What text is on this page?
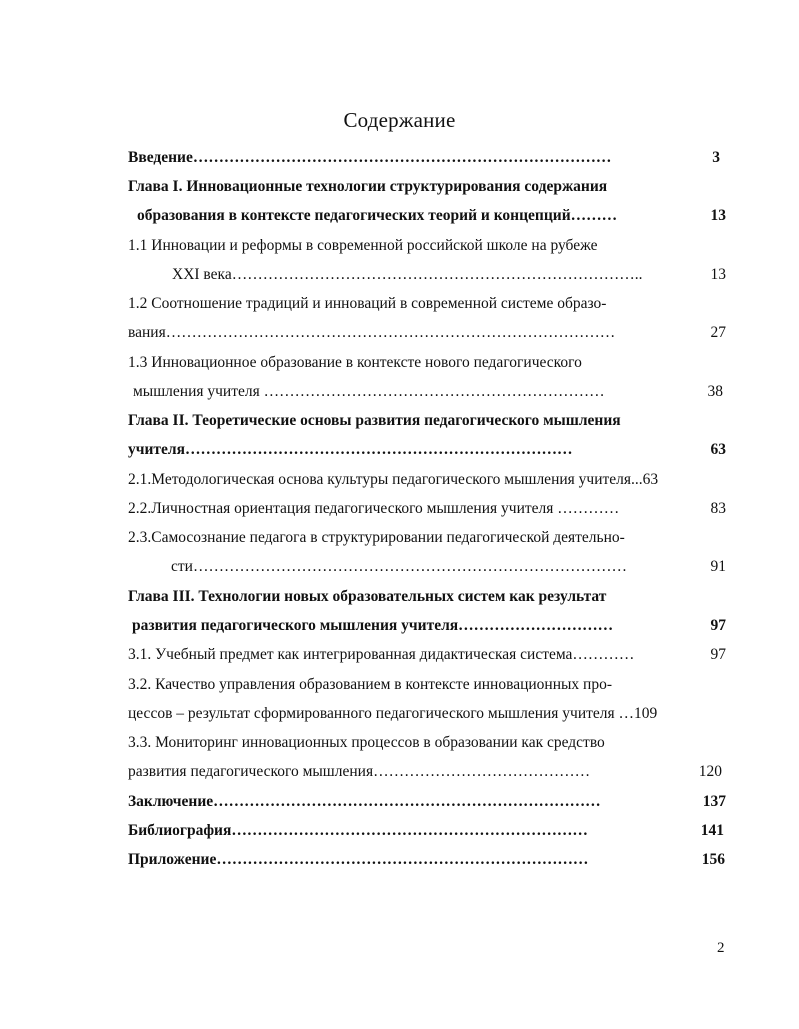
Содержание
Введение………………………………………………………………………	3
Глава I. Инновационные технологии структурирования содержания
образования в контексте педагогических теорий и концепций………	13
1.1 Инновации и реформы в современной российской школе на рубеже
XXI века……………………………………………………………………..	13
1.2 Соотношение традиций и инноваций в современной системе образо-
вания……………………………………………………………………………	27
1.3 Инновационное образование в контексте нового педагогического
мышления учителя …………………………………………………………	38
Глава II. Теоретические основы развития педагогического мышления
учителя…………………………………………………………………	63
2.1.Методологическая основа культуры педагогического мышления учителя...63
2.2.Личностная ориентация педагогического мышления учителя …………	83
2.3.Самосознание педагога в структурировании педагогической деятельно-
сти…………………………………………………………………………	91
Глава III. Технологии новых образовательных систем как результат
развития педагогического мышления учителя…………………………	97
3.1. Учебный предмет как интегрированная дидактическая система…………	97
3.2. Качество управления образованием в контексте инновационных про-
цессов – результат сформированного педагогического мышления учителя …109
3.3. Мониторинг инновационных процессов в образовании как средство
развития педагогического мышления……………………………………	120
Заключение…………………………………………………………………	137
Библиография……………………………………………………………	141
Приложение………………………………………………………………	156
2
